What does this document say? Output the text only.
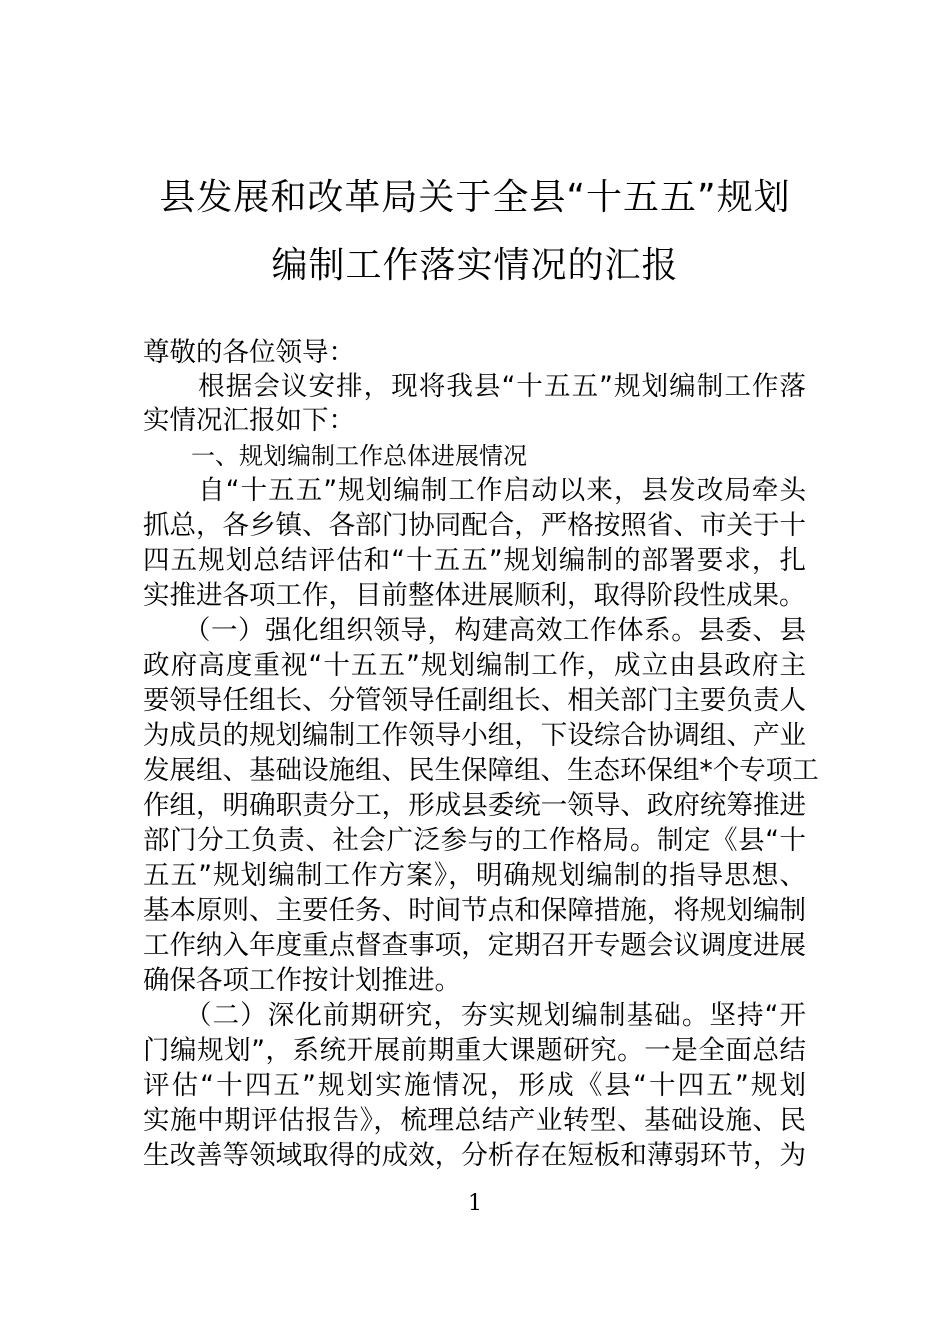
县发展和改革局关于全县“十五五”规划
编制工作落实情况的汇报
尊敬的各位领导：
　　根据会议安排，现将我县“十五五”规划编制工作落
实情况汇报如下：
　　一、规划编制工作总体进展情况
　　自“十五五”规划编制工作启动以来，县发改局牵头
抓总，各乡镇、各部门协同配合，严格按照省、市关于十
四五规划总结评估和“十五五”规划编制的部署要求，扎
实推进各项工作，目前整体进展顺利，取得阶段性成果。
　　（一）强化组织领导，构建高效工作体系。县委、县
政府高度重视“十五五”规划编制工作，成立由县政府主
要领导任组长、分管领导任副组长、相关部门主要负责人
为成员的规划编制工作领导小组，下设综合协调组、产业
发展组、基础设施组、民生保障组、生态环保组*个专项工
作组，明确职责分工，形成县委统一领导、政府统筹推进
部门分工负责、社会广泛参与的工作格局。制定《县“十
五五”规划编制工作方案》，明确规划编制的指导思想、
基本原则、主要任务、时间节点和保障措施，将规划编制
工作纳入年度重点督查事项，定期召开专题会议调度进展
确保各项工作按计划推进。
　　（二）深化前期研究，夯实规划编制基础。坚持“开
门编规划”，系统开展前期重大课题研究。一是全面总结
评估“十四五”规划实施情况，形成《县“十四五”规划
实施中期评估报告》，梳理总结产业转型、基础设施、民
生改善等领域取得的成效，分析存在短板和薄弱环节，为
1
